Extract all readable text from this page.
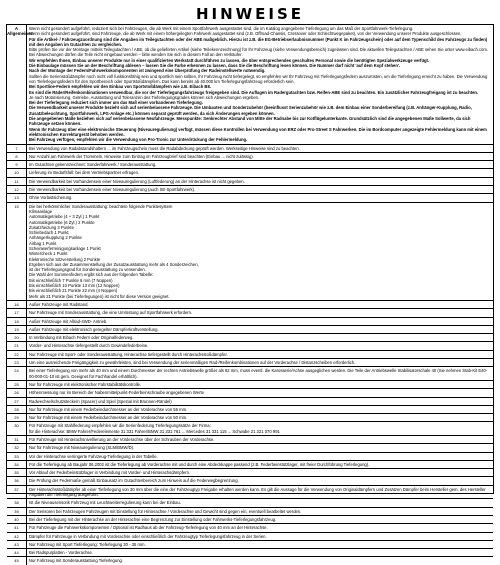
HINWEISE
A Allgemeines

Wenn nicht gesondert aufgeführt, reduziert sich bei Fahrzeugen, die ab Werk mit einem Sportfahrwerk ausgestattet sind, die im Katalog angegebene Tieferlegung um das Maß der Sportfahrwerk-Tieferlegung.

Wenn nicht gesondert aufgeführt, sind Fahrzeuge, die ab Werk mit einem höhergelegten Fahrwerk ausgestattet sind (z.B. Offroad-Chassis, Crossover oder Schlechtwegepaket), von der Verwendung unserer Produkte ausgeschlossen.

Für die Artikel- / Fahrzeugzuordnung sind die Angaben im Teilegutachten oder der ABE maßgeblich. Hierzu ist z.B. die EG-Betriebserlaubnisnummer (Punkt K im Fahrzeugschein) oder auf dem Typenschild des Fahrzeugs zu finden) mit den Angaben im Gutachten zu vergleichen.

Bitte prüfen Sie vor der Montage mittels Teilegutachten / ABE, ob die gelieferten Artikel (siehe Teilekennzeichnung) für Ihr Fahrzeug (siehe Verwendungsbereich) zugelassen sind. Die aktuellen Teilegutachten / ABE sehen Sie unter www.eibach.com.

Bei Abweichungen dürfen die Teile nicht eingebaut werden – bitte wenden Sie sich in diesem Fall an den Verkäufer.

Wir empfehlen Ihnen, Einbau unserer Produkte nur in einer qualifizierten Werkstatt durchführen zu lassen, die über entsprechendes geschultes Personal sowie die benötigten Spezialwerkzeuge verfügt.

Die Einbaulage müssen Sie an der Beschriftung ablesen – lassen Sie die Farbe erkennen zu lassen, dass Sie die Beschriftung lesen können. Die Nummer darf nicht 'auf dem Kopf stehen'.

Nach der Montage der Federn/Fahrwerkskomponenten ist zwingend eine Überprüfung der Radeinstellwerte notwendig.

Sollten die Serienstoßdämpfer noch nicht voll funktionsfähig sein und sportlich sein sollten, Ihr Fahrzeug nicht tiefergelegt, so empfehlen wir Ihr Fahrzeug mit Tieferlegungsfedern auszurüsten, um die Tieferlegung erreicht zu haben. Die Verwendung von Tieferlegungsfedern für den Sportbereich oder Sportstoßdämpfern. Das kann bereits ab 40.000 km Tieferlegungsfahrzeug erforderlich sein.

Bei Sportline-Federn empfehlen wir den Einbau von Sportstoßdämpfern wie z.B. Eibach B8.

Es sind die Räder/Reifenkombinationen verwendbar, die vor der Tieferlegungsfahrzeugs freigegeben sind. Die Auflagen im Radergutachten bzw. Reifen-ABE sind zu beachten. Ein zusätzlicher Fahrzeugfreigang ist zu beachten.

Je nach Motorisierung, Getriebe, Ausstattung und Toleranzen des Tieferlegungsgrades können sich Abweichungen ergeben.

Bei der Tieferlegung reduziert sich immer um das Maß einer vorhandenen Tieferlegung.

Die Verwendbarkeit unserer Produkte bezieht sich auf serienbelassene Fahrzeuge. Die Umbauten und Sonderzubehör (beeinflusst Serienzubehör wie z.B. dem Einbau einer Sonderbereifung (z.B. Anhänger-Kupplung, Radio, Zusatzbeleuchtung, Sportfahrwerk, LPG-Anlage etc.) können separat geprüft werden, da sich Änderungen ergeben können.

Die angegebenen Maße beziehen sich auf serienbelassene Neufahrzeuge. Messpunkte: Senkrechter Abstand von Mitte der Radnabe bis zur Kotflügelunterkante. Grundsätzlich sind die angegebenen Maße Sollwerte, da sich Fahrzeuge setzen können.

Wenn Ihr Fahrzeug über eine elektronische Steuerung (Niveauregulierung) verfügt, müssen diese Kontrollen bei Verwendung von ERZ oder Pro-Street S Fahrwerken. Die im Bordcomputer angezeigte Fehlermeldung kann mit einem elektronischen Korrekturgerät behoben werden.

Bei Fahrzeug verfügen, empfehlen wir die Verwendung von Pro-Tronic zur Unterdrückung der Fehlermeldung.

7	Bei Verwendung von Radabstandshaltern ... im Fahrzeugschein muss die Radabdeckung geprüft werden. Werkseitige Hinweise sind zu beachten.

8	Nur Anzahl am Fahrwerk der Trommeln. Hinweise zum Eintrag im Fahrzeugbrief sind beachten (Einbau ... nicht zulässig).

9	Im Gutachten gekennzeichnet: Sonderfahrwerk / Sonderausstattung.

10	Lieferung im Bedarfsfall: bei dem Vertriebspartner erfragen.

11	Die Verwendbarkeit bei Vorhandensein einer Niveauregulierung (Luftfederung) an der Hinterachse ist nicht gegeben.

12	Die Verwendbarkeit bei Vorhandensein einer Niveauregulierung (auch SE-Sportfahrwerk).

13	Ohne Vorlastsicherung.

15	Die bei herkömmlicher Sonderausstattung: beachtete folgende Punktesystem

Klimaanlage

Automatikgetriebe (4 + 3 Zyl.) 1 Punkt

Automatikgetriebe (6 Zyl.) 2 Punkte

Zusatzheizung 3 Punkte

Schiebedach 1 Punkt

Anhängerkupplung 2 Punkte

Airbag 1 Punkt

Scheinwerferreinigungsanlage 1 Punkt

Wintercheck 1 Punkt

Elektronische Sitzverstellung 2 Punkte

Ergeben sich aus der Zusammenstellung der Zusatzausstattung mehr als 4 Sonderzeichen,

ist der Tieferlegungsgrad für Sonderausstattung zu verwenden.

Die Wahl der Summenfedern ergibt sich aus der folgenden Tabelle:

Bis einschließlich 7 Punkte 6 mm (7 Noppen)

Bis einschließlich 10 Punkte 13 mm (12 Noppen)

Bis einschließlich 21 Punkte 22 mm (4 Noppen)

Mehr als 21 Punkte (bei Tieferlegungen) ist nicht für diese Version geeignet.

16	Außer Fahrzeuge mit Radstand.

17	Nur Fahrzeuge mit Sonderausstattung, die eine Umrüstung auf Sportfahrwerk erfordern.

18	Außer Fahrzeuge mit Allrad-4WD- Antrieb.

19	Außer Fahrzeuge mit elektronisch geregelter Dämpferkraftverstellung.

20	In Verbindung mit Eibach Federn oder Originalfederweg.

21	Vorder- und Hinterachse tiefergestellt durch Gewindefederbeine.

22	Nur Fahrzeuge mit Sport- oder Sonderausstattung, Hinterachse tiefergestellt durch Hinterachsstoßdämpfer.

23	Um eine ausreichende Freigängigkeit zu gewährleisten, sind bei Verwendung der serienmäßigen Rad-/Reifenkombinationen auf der Vorderachse / Distanzscheiben erforderlich.

24	Bei einer Tieferlegung von mehr als 40 mm und einem Durchmesser der rechten Antriebswelle größer als 82 mm, muss eventl. die Karosserie/Achse ausgeglichen werden. Die Teile der Antriebswelle Stabilisatorschale 40 (Sie nehmen Stab-Kit E40-00-000-01-10 ist gem. Geeignet für Fachhandel erhältlich).

25	Nur für Fahrzeuge mit elektronischer Fahrstabilitätskontrolle.

26	Höhenmessung nur im Bereich der Nabenmittelpunkt-Federbeinschraube angegebenen Werte

27	Radwechselschutzsteckern (Spacer) und Spiel (Spezial mit Brunnen-Rändel)

28	Nur für Fahrzeuge mit einem Federbeindurchmesser an der Vorderachse von 55 mm.

29	Nur für Fahrzeuge mit einem Federbeindurchmesser an der Vorderachse von 50 mm.

30	Für Fahrzeuge mit Stahlfederung empfehlen wir die Serienfederung Tieferlegungssätze der Firma:

für die Hinterachse: BMW Fahrer/Federelemente 31 331 Fahrer/BMW 31 331 761 ... Mercedes 31 331 115 ... Schwabe 21 321 070 991

31	Für Fahrzeuge mit Hinterachsnivellierung an der Vorderachse über der Schrauben der Vorderachse.

32	Nur für Fahrzeuge mit Niveauregulierung (SLM/BMW/D).

33	Vor der Hinterachse verringerte Fahrzeug-Tieferlegung in der Tabelle.

34	Für die Tieferlegung ab Baujahr 06.2002 ist die Tieferlegung ab Vorderachse mit und durch eine Abdeckkappe passend (z.B. Federbeinstützlager, mit freier Durchführung Tieferlegung).

35	Vor Ablauf der Federbeinstützlager in Verbindung mit Vorder- und Hinterachsdämpfern.

36	Die Prüfung der Federmaße gemäß Einbausatz im Gutachtenbereich zum Hinweis auf die Federwegbegrenzung.

37	Der Hinterachsstoßdämpfer ab einer Tieferlegung von 30 mm über die eine der Fahrzeugtyp Freigabe erhalten werden kann. Es gilt die Aussage für die Verwendung von Originaldämpfern und Zusätzen Dämpfer beim Hersteller gem. des Hersteller Angaben die Tieferlegung ausgeführt.

38	Ist die Niveausensorik Fahrzeug mit Leuchtweiterregulierung kann bei der Einbau.

39	Der Sensoren bei Fahrzeugen Fahrzeugen mit Einstellung für Hinterachse / Vorderachse und Gewicht sind gegen ein, eventuell bearbeitet werden.

40	Bei der Tieferlegung mit der Hinterachse an der Hinterachse eine Begrenzung zur Einstellung oder Fahrwerks-Tieferlegungsfahrzeug.

41	Für Fahrzeuge die Fahrwerkskomponenten / Optional ist Radhaus ab der Fahrzeug-Tieferlegung von 40 mm an der Hinterachse.

42	Dämpfer für Fahrzeuge in Verbindung mit Vorderachse oder einschließlich der Fahrzeugtyp Tieferlegungsfahrzeug in der Serien.

43	Nur Fahrzeug mit Sport Tieferlegung: Tieferlegung 30 - 35 mm.

44	Bei Radspurplatten - Vorderachse.

45	Nur Fahrzeug mit Sonderausstattung Tieferlegung.
